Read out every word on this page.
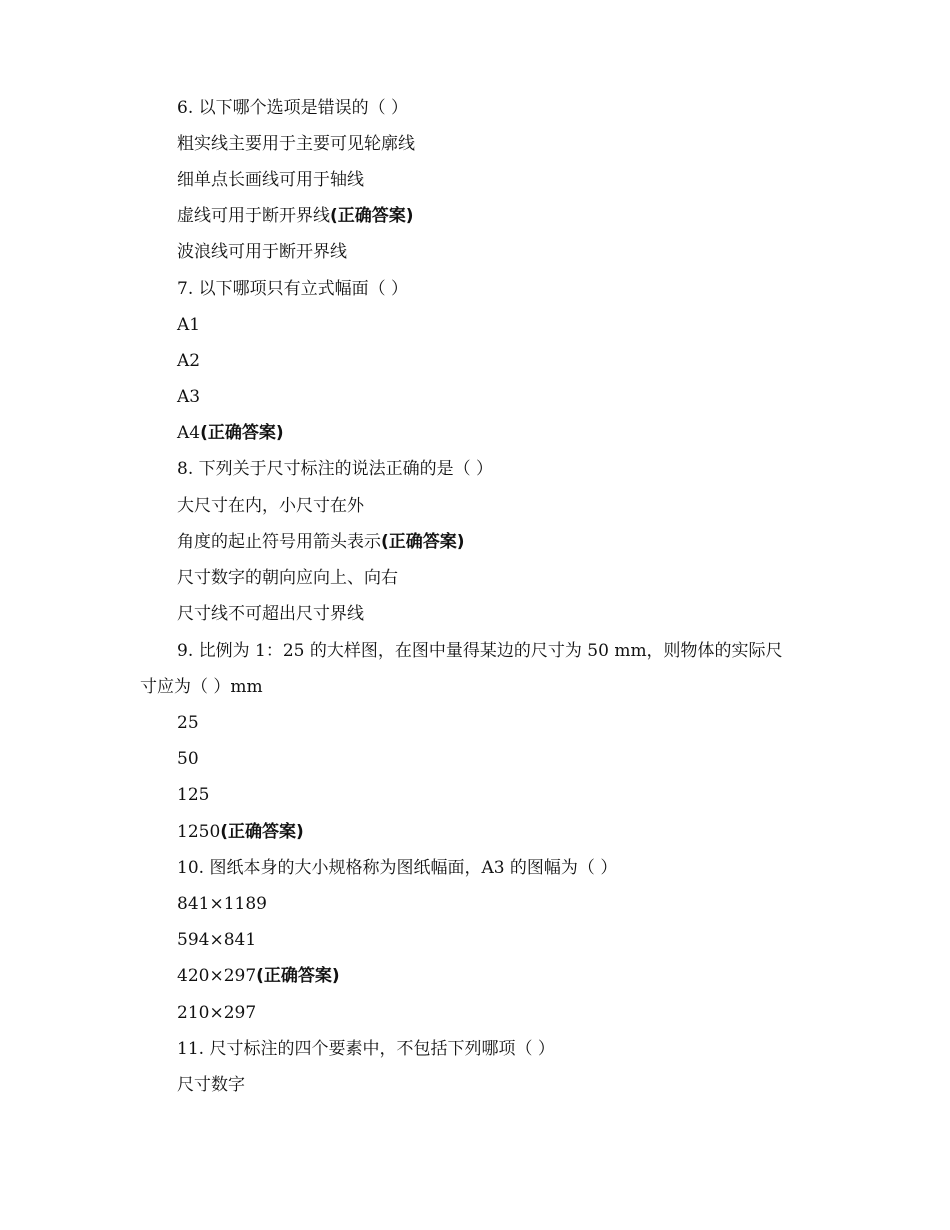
6. 以下哪个选项是错误的（ ）
粗实线主要用于主要可见轮廓线
细单点长画线可用于轴线
虚线可用于断开界线(正确答案)
波浪线可用于断开界线
7. 以下哪项只有立式幅面（ ）
A1
A2
A3
A4(正确答案)
8. 下列关于尺寸标注的说法正确的是（ ）
大尺寸在内，小尺寸在外
角度的起止符号用箭头表示(正确答案)
尺寸数字的朝向应向上、向右
尺寸线不可超出尺寸界线
9. 比例为 1：25 的大样图，在图中量得某边的尺寸为 50 mm，则物体的实际尺
寸应为（ ）mm
25
50
125
1250(正确答案)
10. 图纸本身的大小规格称为图纸幅面，A3 的图幅为（ ）
841×1189
594×841
420×297(正确答案)
210×297
11. 尺寸标注的四个要素中，不包括下列哪项（ ）
尺寸数字
